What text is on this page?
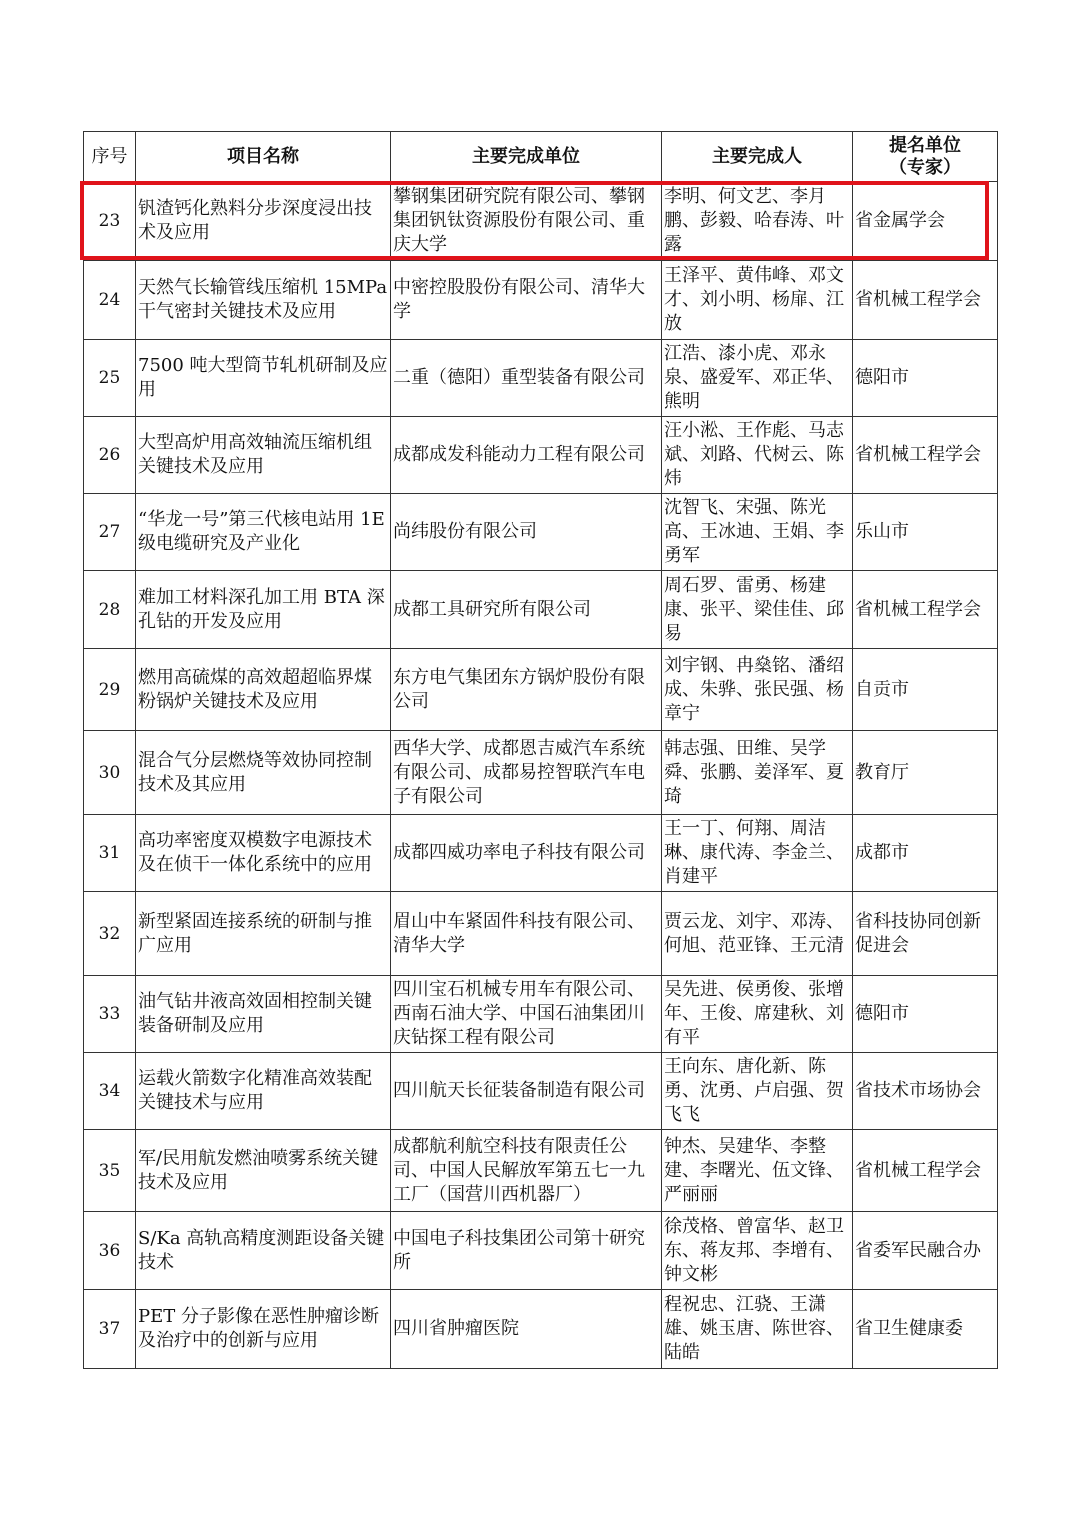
序号	项目名称	主要完成单位	主要完成人	提名单位
（专家）

23	钒渣钙化熟料分步深度浸出技术及应用	攀钢集团研究院有限公司、攀钢集团钒钛资源股份有限公司、重庆大学	李明、何文艺、李月鹏、彭毅、哈春涛、叶露	省金属学会
24	天然气长输管线压缩机 15MPa 干气密封关键技术及应用	中密控股股份有限公司、清华大学	王泽平、黄伟峰、邓文才、刘小明、杨扉、江放	省机械工程学会
25	7500 吨大型筒节轧机研制及应用	二重（德阳）重型装备有限公司	江浩、漆小虎、邓永泉、盛爱军、邓正华、熊明	德阳市
26	大型高炉用高效轴流压缩机组关键技术及应用	成都成发科能动力工程有限公司	汪小淞、王作彪、马志斌、刘路、代树云、陈炜	省机械工程学会
27	“华龙一号”第三代核电站用 1E 级电缆研究及产业化	尚纬股份有限公司	沈智飞、宋强、陈光高、王冰迪、王娟、李勇军	乐山市
28	难加工材料深孔加工用 BTA 深孔钻的开发及应用	成都工具研究所有限公司	周石罗、雷勇、杨建康、张平、梁佳佳、邱易	省机械工程学会
29	燃用高硫煤的高效超超临界煤粉锅炉关键技术及应用	东方电气集团东方锅炉股份有限公司	刘宇钢、冉燊铭、潘绍成、朱骅、张民强、杨章宁	自贡市
30	混合气分层燃烧等效协同控制技术及其应用	西华大学、成都恩吉威汽车系统有限公司、成都易控智联汽车电子有限公司	韩志强、田维、吴学舜、张鹏、姜泽军、夏琦	教育厅
31	高功率密度双模数字电源技术及在侦干一体化系统中的应用	成都四威功率电子科技有限公司	王一丁、何翔、周洁琳、康代涛、李金兰、肖建平	成都市
32	新型紧固连接系统的研制与推广应用	眉山中车紧固件科技有限公司、清华大学	贾云龙、刘宇、邓涛、何旭、范亚锋、王元清	省科技协同创新促进会
33	油气钻井液高效固相控制关键装备研制及应用	四川宝石机械专用车有限公司、西南石油大学、中国石油集团川庆钻探工程有限公司	吴先进、侯勇俊、张增年、王俊、席建秋、刘有平	德阳市
34	运载火箭数字化精准高效装配关键技术与应用	四川航天长征装备制造有限公司	王向东、唐化新、陈勇、沈勇、卢启强、贺飞飞	省技术市场协会
35	军/民用航发燃油喷雾系统关键技术及应用	成都航利航空科技有限责任公司、中国人民解放军第五七一九工厂（国营川西机器厂）	钟杰、吴建华、李整建、李曙光、伍文锋、严丽丽	省机械工程学会
36	S/Ka 高轨高精度测距设备关键技术	中国电子科技集团公司第十研究所	徐茂格、曾富华、赵卫东、蒋友邦、李增有、钟文彬	省委军民融合办
37	PET 分子影像在恶性肿瘤诊断及治疗中的创新与应用	四川省肿瘤医院	程祝忠、江骁、王潇雄、姚玉唐、陈世容、陆皓	省卫生健康委
